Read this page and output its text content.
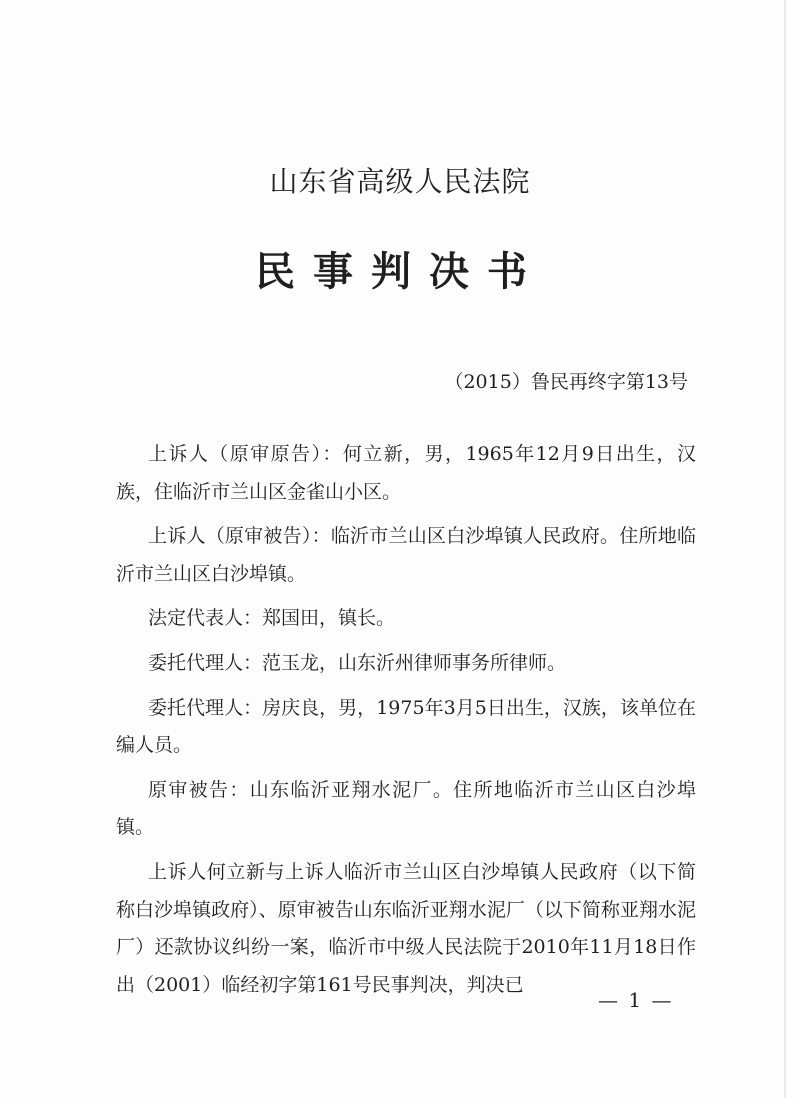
山东省高级人民法院
民事判决书
（2015）鲁民再终字第13号

上诉人（原审原告）：何立新，男，1965年12月9日出生，汉族，住临沂市兰山区金雀山小区。

上诉人（原审被告）：临沂市兰山区白沙埠镇人民政府。住所地临沂市兰山区白沙埠镇。

法定代表人：郑国田，镇长。

委托代理人：范玉龙，山东沂州律师事务所律师。

委托代理人：房庆良，男，1975年3月5日出生，汉族，该单位在编人员。

原审被告：山东临沂亚翔水泥厂。住所地临沂市兰山区白沙埠镇。

上诉人何立新与上诉人临沂市兰山区白沙埠镇人民政府（以下简称白沙埠镇政府）、原审被告山东临沂亚翔水泥厂（以下简称亚翔水泥厂）还款协议纠纷一案，临沂市中级人民法院于2010年11月18日作出（2001）临经初字第161号民事判决，判决已

— 1 —
